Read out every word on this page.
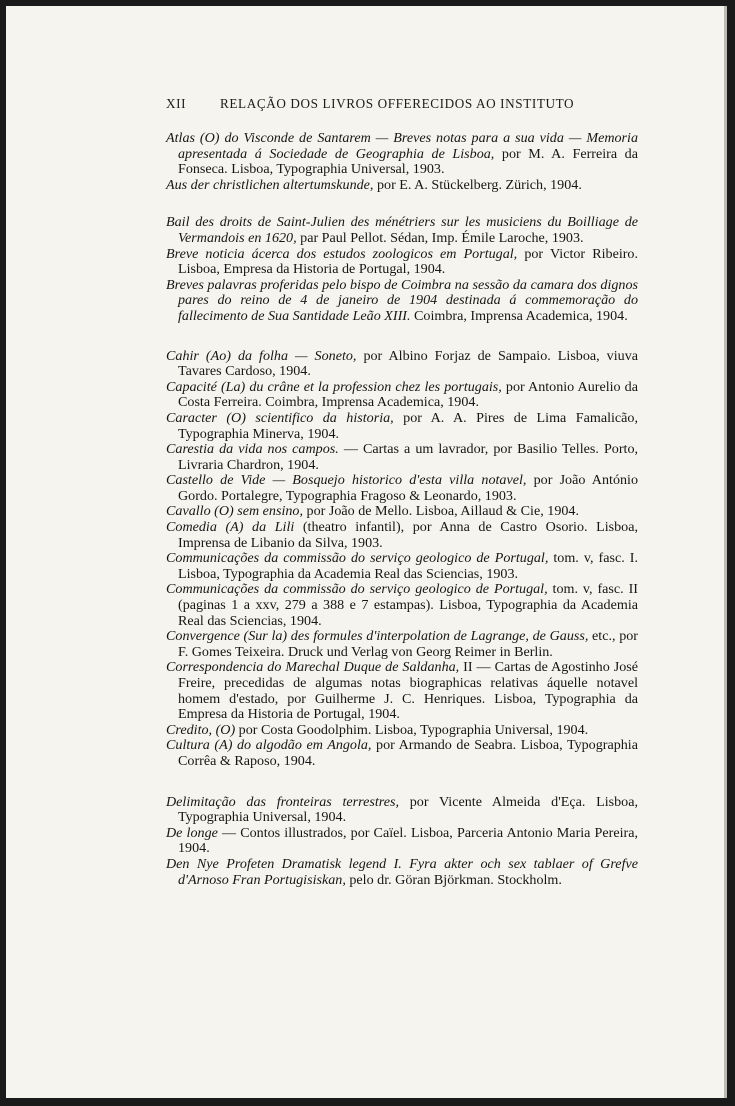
XII	RELAÇÃO DOS LIVROS OFFERECIDOS AO INSTITUTO

Atlas (O) do Visconde de Santarem — Breves notas para a sua vida — Memoria apresentada á Sociedade de Geographia de Lisboa, por M. A. Ferreira da Fonseca. Lisboa, Typographia Universal, 1903.

Aus der christlichen altertumskunde, por E. A. Stückelberg. Zürich, 1904.

Bail des droits de Saint-Julien des ménétriers sur les musiciens du Boilliage de Vermandois en 1620, par Paul Pellot. Sédan, Imp. Émile Laroche, 1903.

Breve noticia ácerca dos estudos zoologicos em Portugal, por Victor Ribeiro. Lisboa, Empresa da Historia de Portugal, 1904.

Breves palavras proferidas pelo bispo de Coimbra na sessão da camara dos dignos pares do reino de 4 de janeiro de 1904 destinada á commemoração do fallecimento de Sua Santidade Leão XIII. Coimbra, Imprensa Academica, 1904.

Cahir (Ao) da folha — Soneto, por Albino Forjaz de Sampaio. Lisboa, viuva Tavares Cardoso, 1904.

Capacité (La) du crâne et la profession chez les portugais, por Antonio Aurelio da Costa Ferreira. Coimbra, Imprensa Academica, 1904.

Caracter (O) scientifico da historia, por A. A. Pires de Lima Famalicão, Typographia Minerva, 1904.

Carestia da vida nos campos. — Cartas a um lavrador, por Basilio Telles. Porto, Livraria Chardron, 1904.

Castello de Vide — Bosquejo historico d'esta villa notavel, por João António Gordo. Portalegre, Typographia Fragoso & Leonardo, 1903.

Cavallo (O) sem ensino, por João de Mello. Lisboa, Aillaud & Cie, 1904.

Comedia (A) da Lili (theatro infantil), por Anna de Castro Osorio. Lisboa, Imprensa de Libanio da Silva, 1903.

Communicações da commissão do serviço geologico de Portugal, tom. v, fasc. I. Lisboa, Typographia da Academia Real das Sciencias, 1903.

Communicações da commissão do serviço geologico de Portugal, tom. v, fasc. II (paginas 1 a xxv, 279 a 388 e 7 estampas). Lisboa, Typographia da Academia Real das Sciencias, 1904.

Convergence (Sur la) des formules d'interpolation de Lagrange, de Gauss, etc., por F. Gomes Teixeira. Druck und Verlag von Georg Reimer in Berlin.

Correspondencia do Marechal Duque de Saldanha, II — Cartas de Agostinho José Freire, precedidas de algumas notas biographicas relativas áquelle notavel homem d'estado, por Guilherme J. C. Henriques. Lisboa, Typographia da Empresa da Historia de Portugal, 1904.

Credito, (O) por Costa Goodolphim. Lisboa, Typographia Universal, 1904.

Cultura (A) do algodão em Angola, por Armando de Seabra. Lisboa, Typographia Corrêa & Raposo, 1904.

Delimitação das fronteiras terrestres, por Vicente Almeida d'Eça. Lisboa, Typographia Universal, 1904.

De longe — Contos illustrados, por Caïel. Lisboa, Parceria Antonio Maria Pereira, 1904.

Den Nye Profeten Dramatisk legend I. Fyra akter och sex tablaer of Grefve d'Arnoso Fran Portugisiskan, pelo dr. Göran Björkman. Stockholm.
